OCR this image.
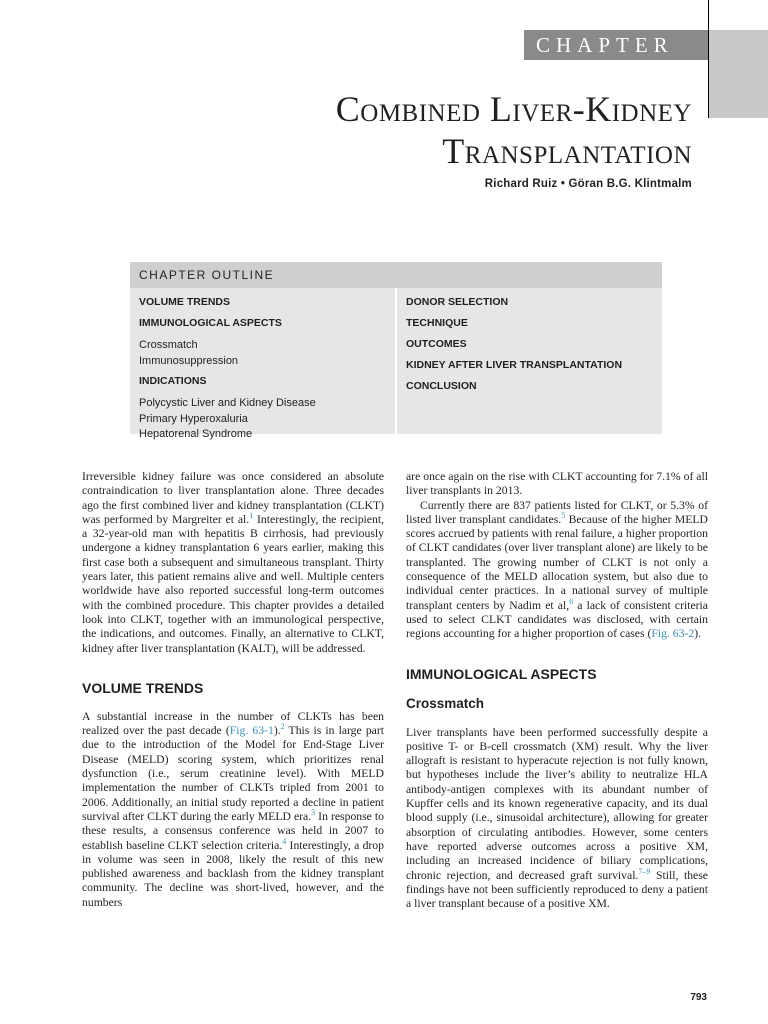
CHAPTER 63
Combined Liver-Kidney
Transplantation

Richard Ruiz • Göran B.G. Klintmalm

CHAPTER OUTLINE
VOLUME TRENDS
IMMUNOLOGICAL ASPECTS
Crossmatch
Immunosuppression
INDICATIONS
Polycystic Liver and Kidney Disease
Primary Hyperoxaluria
Hepatorenal Syndrome
DONOR SELECTION
TECHNIQUE
OUTCOMES
KIDNEY AFTER LIVER TRANSPLANTATION
CONCLUSION

Irreversible kidney failure was once considered an absolute contraindication to liver transplantation alone. Three decades ago the first combined liver and kidney transplantation (CLKT) was performed by Margreiter et al.$^1$ Interestingly, the recipient, a 32-year-old man with hepatitis B cirrhosis, had previously undergone a kidney transplantation 6 years earlier, making this first case both a subsequent and simultaneous transplant. Thirty years later, this patient remains alive and well. Multiple centers worldwide have also reported successful long-term outcomes with the combined procedure. This chapter provides a detailed look into CLKT, together with an immunological perspective, the indications, and outcomes. Finally, an alternative to CLKT, kidney after liver transplantation (KALT), will be addressed.

VOLUME TRENDS

A substantial increase in the number of CLKTs has been realized over the past decade (Fig. 63-1).$^2$ This is in large part due to the introduction of the Model for End-Stage Liver Disease (MELD) scoring system, which prioritizes renal dysfunction (i.e., serum creatinine level). With MELD implementation the number of CLKTs tripled from 2001 to 2006. Additionally, an initial study reported a decline in patient survival after CLKT during the early MELD era.$^3$ In response to these results, a consensus conference was held in 2007 to establish baseline CLKT selection criteria.$^4$ Interestingly, a drop in volume was seen in 2008, likely the result of this new published awareness and backlash from the kidney transplant community. The decline was short-lived, however, and the numbers

are once again on the rise with CLKT accounting for 7.1% of all liver transplants in 2013.

Currently there are 837 patients listed for CLKT, or 5.3% of listed liver transplant candidates.$^5$ Because of the higher MELD scores accrued by patients with renal failure, a higher proportion of CLKT candidates (over liver transplant alone) are likely to be transplanted. The growing number of CLKT is not only a consequence of the MELD allocation system, but also due to individual center practices. In a national survey of multiple transplant centers by Nadim et al,$^6$ a lack of consistent criteria used to select CLKT candidates was disclosed, with certain regions accounting for a higher proportion of cases (Fig. 63-2).

IMMUNOLOGICAL ASPECTS
Crossmatch

Liver transplants have been performed successfully despite a positive T- or B-cell crossmatch (XM) result. Why the liver allograft is resistant to hyperacute rejection is not fully known, but hypotheses include the liver’s ability to neutralize HLA antibody-antigen complexes with its abundant number of Kupffer cells and its known regenerative capacity, and its dual blood supply (i.e., sinusoidal architecture), allowing for greater absorption of circulating antibodies. However, some centers have reported adverse outcomes across a positive XM, including an increased incidence of biliary complications, chronic rejection, and decreased graft survival.$^{7-9}$ Still, these findings have not been sufficiently reproduced to deny a patient a liver transplant because of a positive XM.

793
